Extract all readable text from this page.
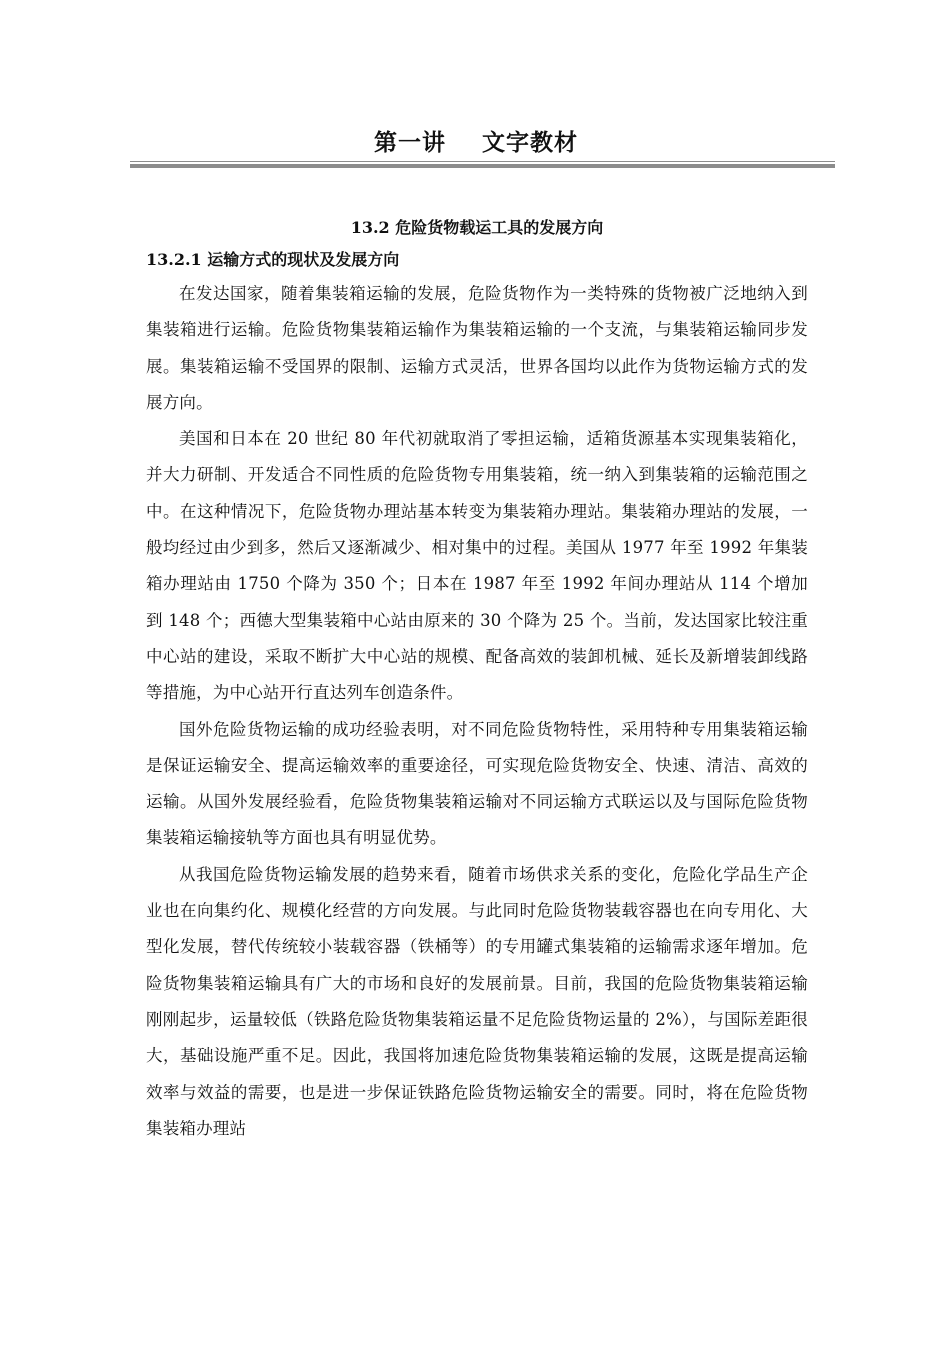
第一讲    文字教材
13.2 危险货物载运工具的发展方向
13.2.1 运输方式的现状及发展方向

在发达国家，随着集装箱运输的发展，危险货物作为一类特殊的货物被广泛地纳入到集装箱进行运输。危险货物集装箱运输作为集装箱运输的一个支流，与集装箱运输同步发展。集装箱运输不受国界的限制、运输方式灵活，世界各国均以此作为货物运输方式的发展方向。

美国和日本在 20 世纪 80 年代初就取消了零担运输，适箱货源基本实现集装箱化，并大力研制、开发适合不同性质的危险货物专用集装箱，统一纳入到集装箱的运输范围之中。在这种情况下，危险货物办理站基本转变为集装箱办理站。集装箱办理站的发展，一般均经过由少到多，然后又逐渐减少、相对集中的过程。美国从 1977 年至 1992 年集装箱办理站由 1750 个降为 350 个；日本在 1987 年至 1992 年间办理站从 114 个增加到 148 个；西德大型集装箱中心站由原来的 30 个降为 25 个。当前，发达国家比较注重中心站的建设，采取不断扩大中心站的规模、配备高效的装卸机械、延长及新增装卸线路等措施，为中心站开行直达列车创造条件。

国外危险货物运输的成功经验表明，对不同危险货物特性，采用特种专用集装箱运输是保证运输安全、提高运输效率的重要途径，可实现危险货物安全、快速、清洁、高效的运输。从国外发展经验看，危险货物集装箱运输对不同运输方式联运以及与国际危险货物集装箱运输接轨等方面也具有明显优势。

从我国危险货物运输发展的趋势来看，随着市场供求关系的变化，危险化学品生产企业也在向集约化、规模化经营的方向发展。与此同时危险货物装载容器也在向专用化、大型化发展，替代传统较小装载容器（铁桶等）的专用罐式集装箱的运输需求逐年增加。危险货物集装箱运输具有广大的市场和良好的发展前景。目前，我国的危险货物集装箱运输刚刚起步，运量较低（铁路危险货物集装箱运量不足危险货物运量的 2%），与国际差距很大，基础设施严重不足。因此，我国将加速危险货物集装箱运输的发展，这既是提高运输效率与效益的需要，也是进一步保证铁路危险货物运输安全的需要。同时，将在危险货物集装箱办理站
